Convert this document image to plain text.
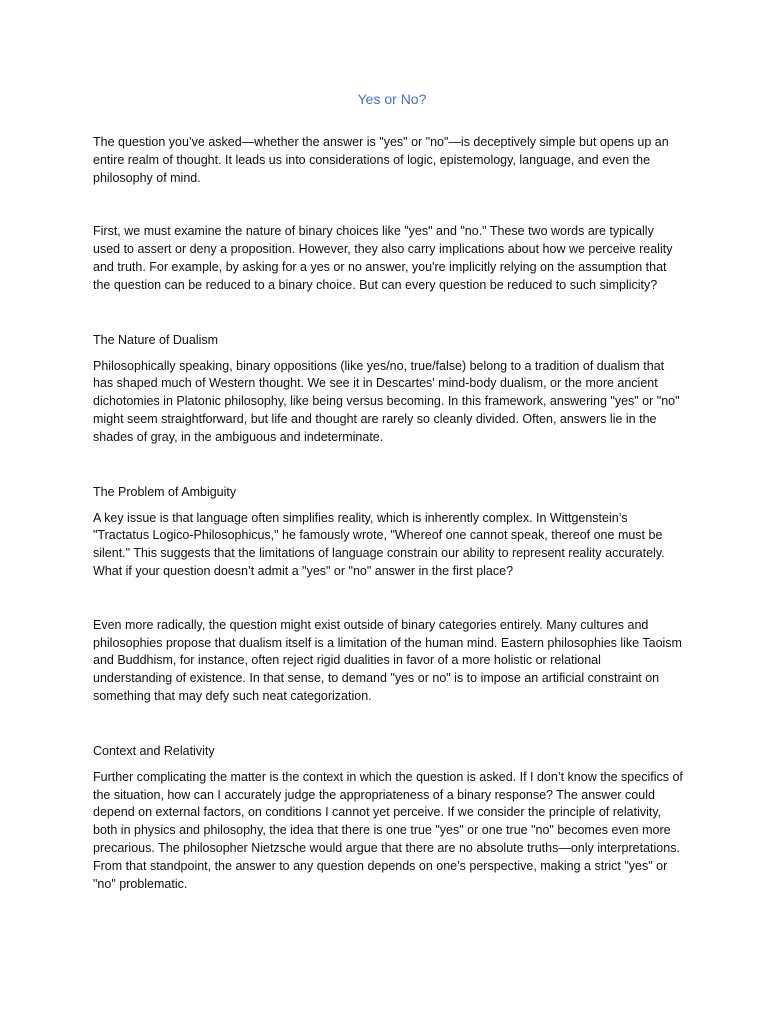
Yes or No?

The question you’ve asked—whether the answer is "yes" or "no"—is deceptively simple but opens up an entire realm of thought. It leads us into considerations of logic, epistemology, language, and even the philosophy of mind.

First, we must examine the nature of binary choices like "yes" and "no." These two words are typically used to assert or deny a proposition. However, they also carry implications about how we perceive reality and truth. For example, by asking for a yes or no answer, you're implicitly relying on the assumption that the question can be reduced to a binary choice. But can every question be reduced to such simplicity?

The Nature of Dualism

Philosophically speaking, binary oppositions (like yes/no, true/false) belong to a tradition of dualism that has shaped much of Western thought. We see it in Descartes' mind-body dualism, or the more ancient dichotomies in Platonic philosophy, like being versus becoming. In this framework, answering "yes" or "no" might seem straightforward, but life and thought are rarely so cleanly divided. Often, answers lie in the shades of gray, in the ambiguous and indeterminate.

The Problem of Ambiguity

A key issue is that language often simplifies reality, which is inherently complex. In Wittgenstein’s "Tractatus Logico-Philosophicus," he famously wrote, "Whereof one cannot speak, thereof one must be silent." This suggests that the limitations of language constrain our ability to represent reality accurately. What if your question doesn’t admit a "yes" or "no" answer in the first place?

Even more radically, the question might exist outside of binary categories entirely. Many cultures and philosophies propose that dualism itself is a limitation of the human mind. Eastern philosophies like Taoism and Buddhism, for instance, often reject rigid dualities in favor of a more holistic or relational understanding of existence. In that sense, to demand "yes or no" is to impose an artificial constraint on something that may defy such neat categorization.

Context and Relativity

Further complicating the matter is the context in which the question is asked. If I don’t know the specifics of the situation, how can I accurately judge the appropriateness of a binary response? The answer could depend on external factors, on conditions I cannot yet perceive. If we consider the principle of relativity, both in physics and philosophy, the idea that there is one true "yes" or one true "no" becomes even more precarious. The philosopher Nietzsche would argue that there are no absolute truths—only interpretations. From that standpoint, the answer to any question depends on one’s perspective, making a strict "yes" or "no" problematic.
